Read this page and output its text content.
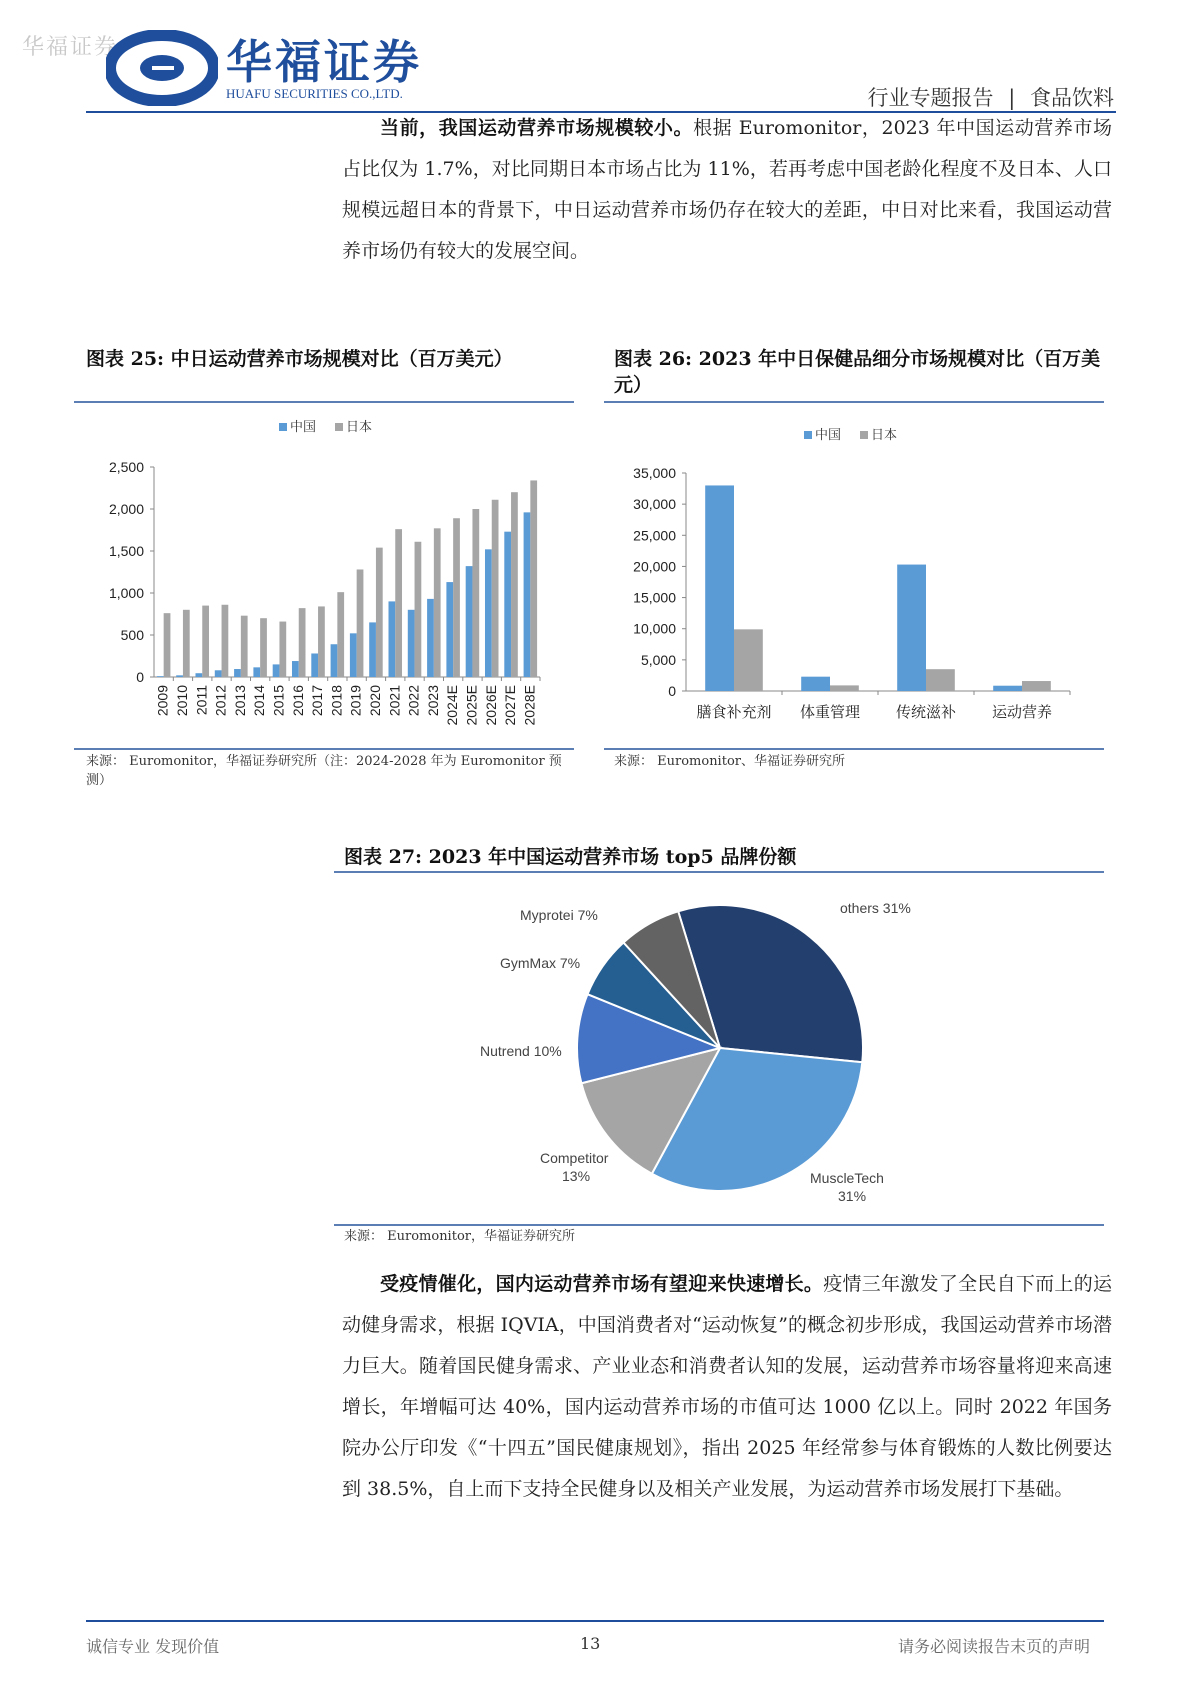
华福证券 华福证券
HUAFU SECURITIES CO.,LTD.	行业专题报告 | 食品饮料
当前，我国运动营养市场规模较小。根据 Euromonitor，2023 年中国运动营养市场占比仅为 1.7%，对比同期日本市场占比为 11%，若再考虑中国老龄化程度不及日本、人口规模远超日本的背景下，中日运动营养市场仍存在较大的差距，中日对比来看，我国运动营养市场仍有较大的发展空间。
图表 25: 中日运动营养市场规模对比（百万美元）
中国 日本
0
500
1,000
1,500
2,000
2,500
2009 2010 2011 2012 2013 2014 2015 2016 2017 2018 2019 2020 2021 2022 2023 2024E 2025E 2026E 2027E 2028E
来源： Euromonitor，华福证券研究所（注：2024-2028 年为 Euromonitor 预测）
图表 26: 2023 年中日保健品细分市场规模对比（百万美元）
中国 日本
0
5,000
10,000
15,000
20,000
25,000
30,000
35,000
膳食补充剂 体重管理 传统滋补 运动营养
来源： Euromonitor、华福证券研究所
图表 27: 2023 年中国运动营养市场 top5 品牌份额
others 31%
MuscleTech
31%
Competitor
13%
Nutrend 10%
GymMax 7%
Myprotei 7%
来源： Euromonitor，华福证券研究所
受疫情催化，国内运动营养市场有望迎来快速增长。疫情三年激发了全民自下而上的运动健身需求，根据 IQVIA，中国消费者对“运动恢复”的概念初步形成，我国运动营养市场潜力巨大。随着国民健身需求、产业业态和消费者认知的发展，运动营养市场容量将迎来高速增长，年增幅可达 40%，国内运动营养市场的市值可达 1000 亿以上。同时 2022 年国务院办公厅印发《“十四五”国民健康规划》，指出 2025 年经常参与体育锻炼的人数比例要达到 38.5%，自上而下支持全民健身以及相关产业发展，为运动营养市场发展打下基础。
诚信专业 发现价值	13	请务必阅读报告末页的声明
